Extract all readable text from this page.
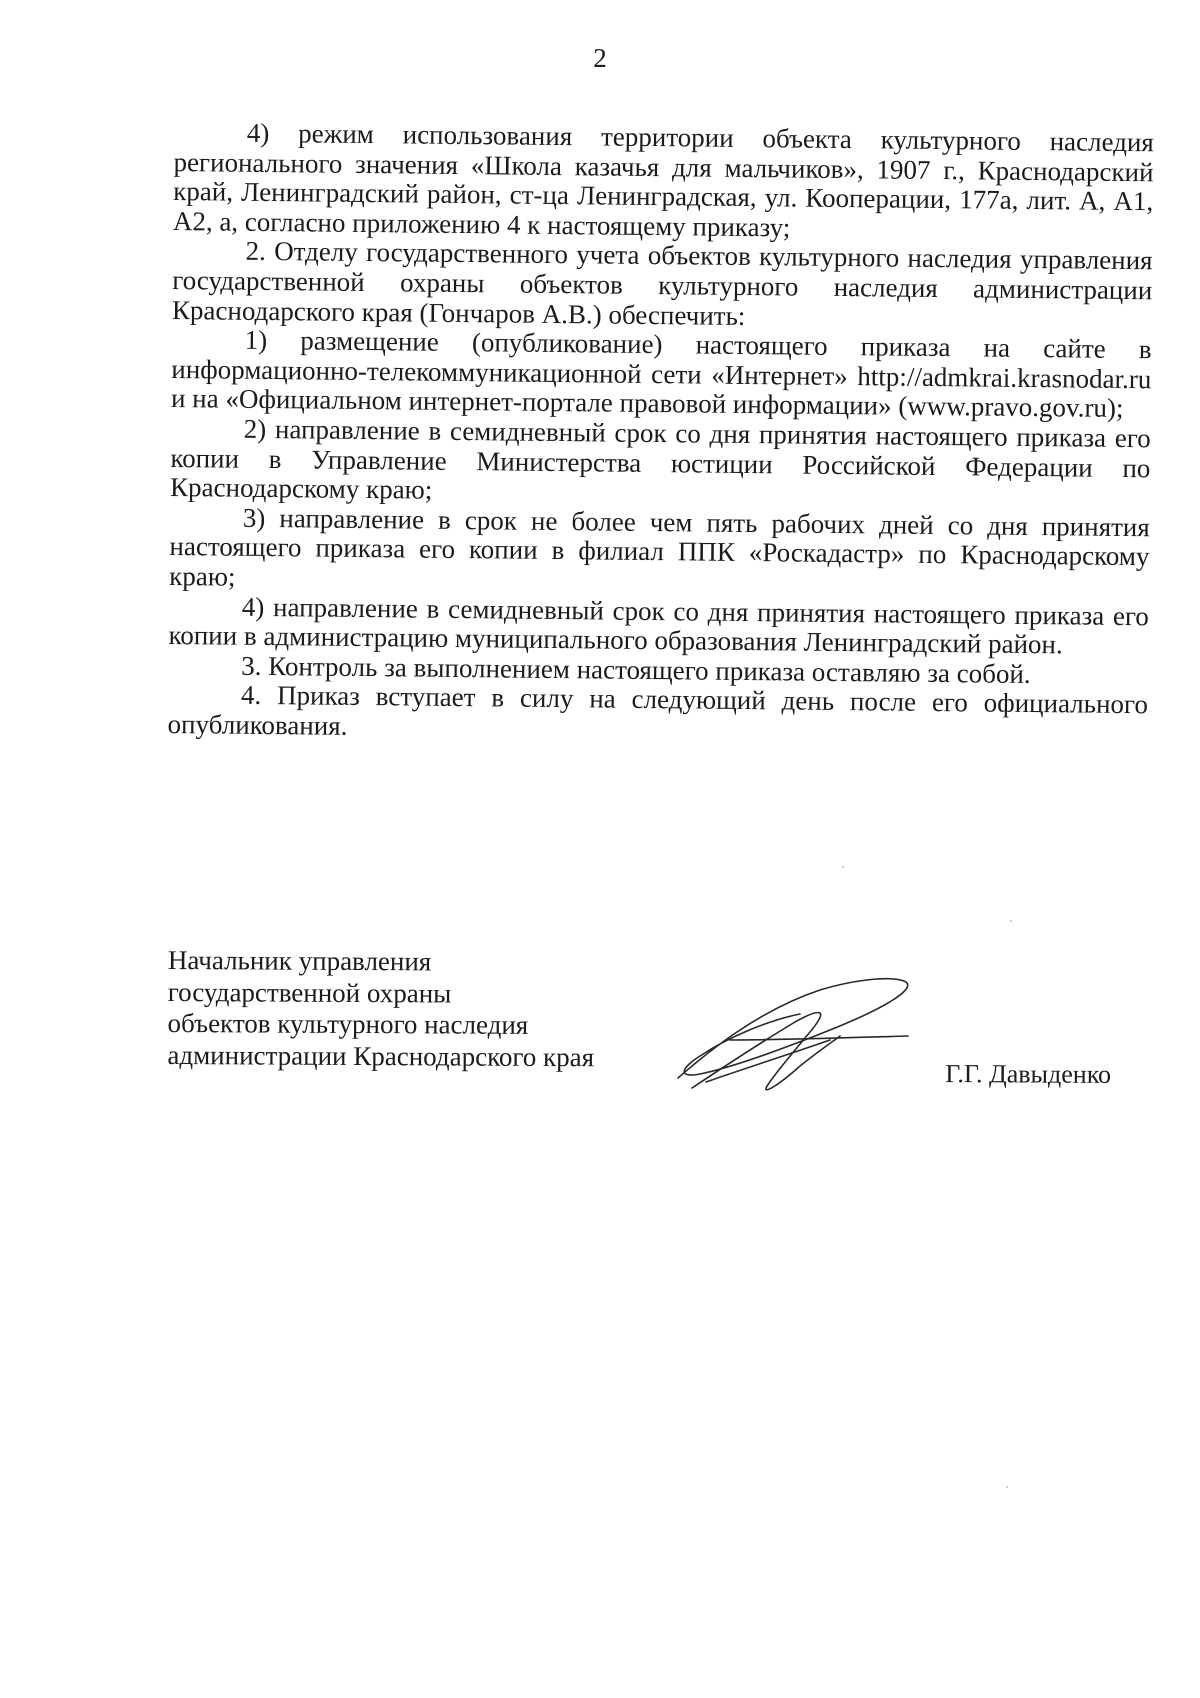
2

4) режим использования территории объекта культурного наследия регионального значения «Школа казачья для мальчиков», 1907 г., Краснодарский край, Ленинградский район, ст-ца Ленинградская, ул. Кооперации, 177а, лит. А, А1, А2, а, согласно приложению 4 к настоящему приказу;

2. Отделу государственного учета объектов культурного наследия управления государственной охраны объектов культурного наследия администрации Краснодарского края (Гончаров А.В.) обеспечить:

1) размещение (опубликование) настоящего приказа на сайте в информационно-телекоммуникационной сети «Интернет» http://admkrai.krasnodar.ru и на «Официальном интернет-портале правовой информации» (www.pravo.gov.ru);

2) направление в семидневный срок со дня принятия настоящего приказа его копии в Управление Министерства юстиции Российской Федерации по Краснодарскому краю;

3) направление в срок не более чем пять рабочих дней со дня принятия настоящего приказа его копии в филиал ППК «Роскадастр» по Краснодарскому краю;

4) направление в семидневный срок со дня принятия настоящего приказа его копии в администрацию муниципального образования Ленинградский район.

3. Контроль за выполнением настоящего приказа оставляю за собой.

4. Приказ вступает в силу на следующий день после его официального опубликования.

Начальник управления
государственной охраны
объектов культурного наследия
администрации Краснодарского края
Г.Г. Давыденко
